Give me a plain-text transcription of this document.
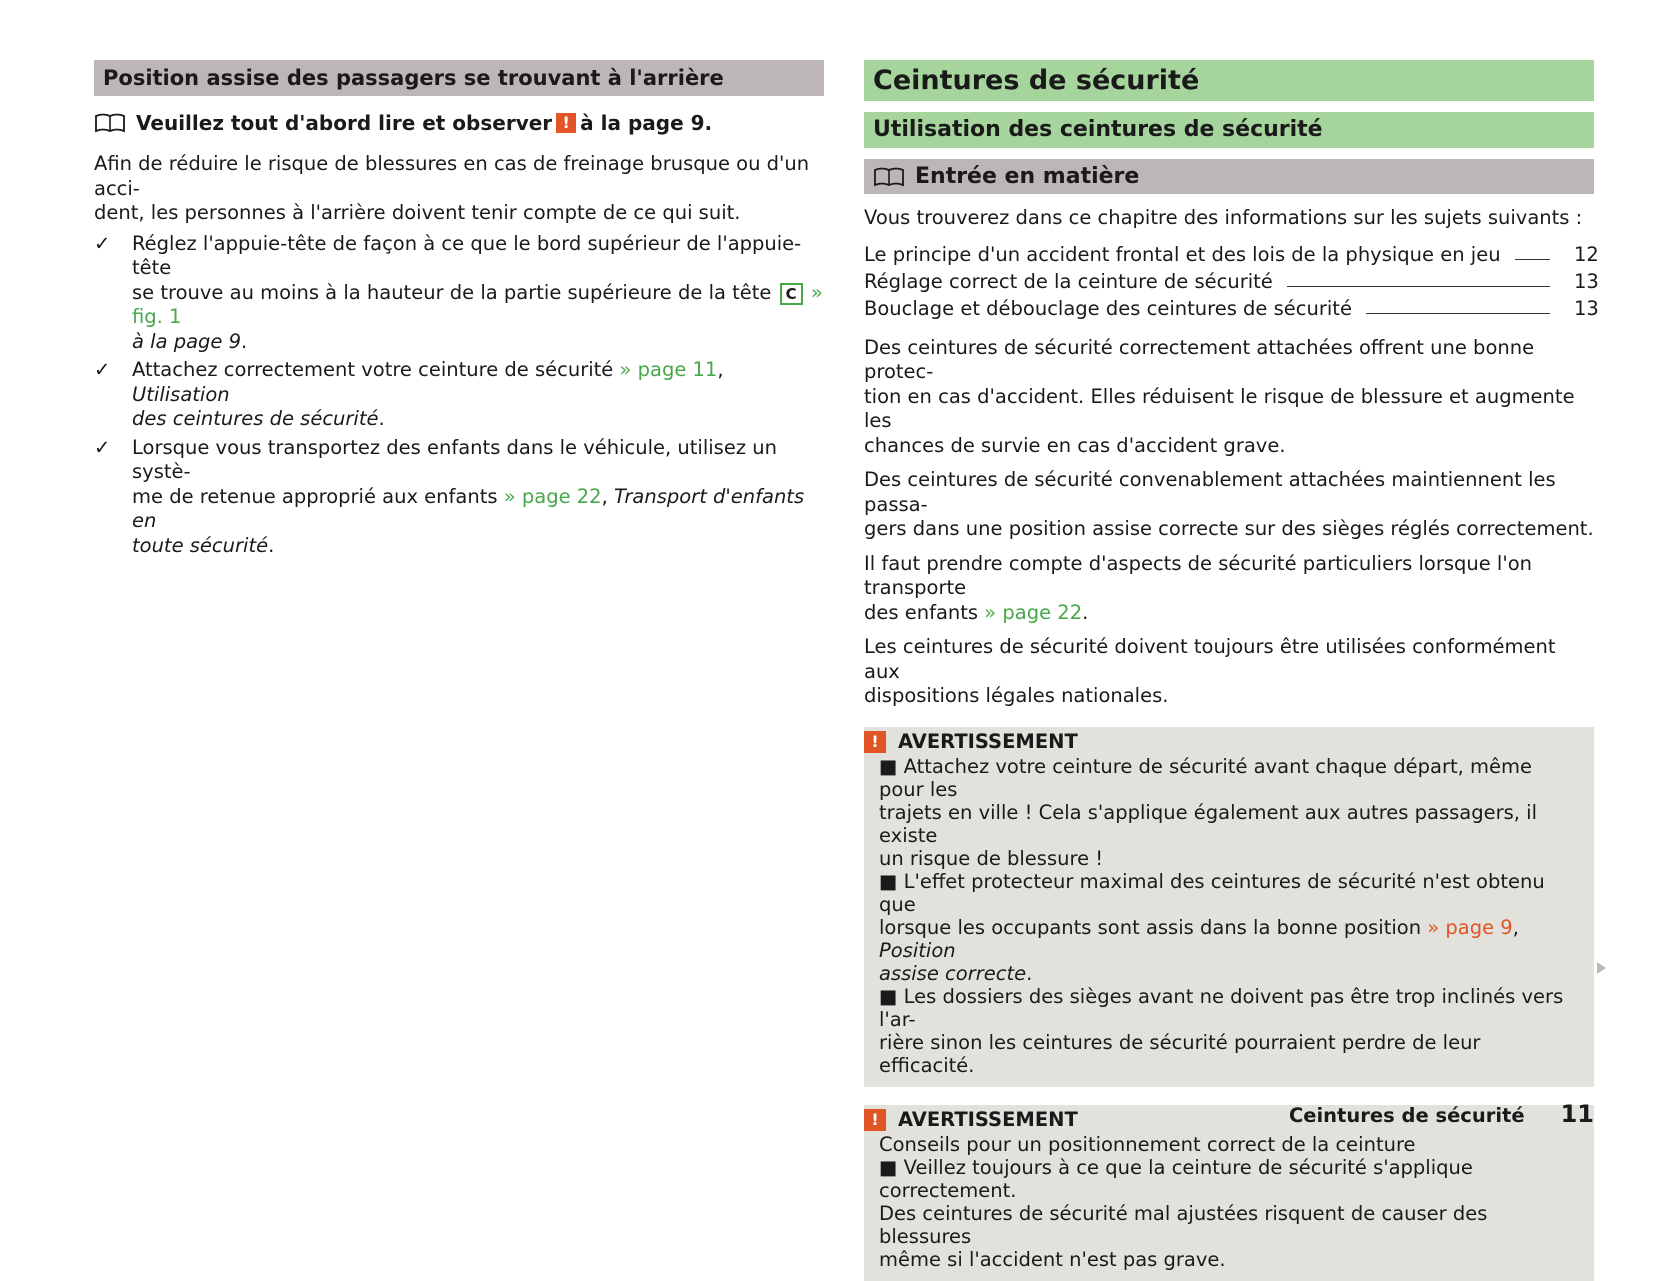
Position assise des passagers se trouvant à l'arrière
Veuillez tout d'abord lire et observer ! à la page 9.

Afin de réduire le risque de blessures en cas de freinage brusque ou d'un acci-

dent, les personnes à l'arrière doivent tenir compte de ce qui suit.

✓ Réglez l'appuie-tête de façon à ce que le bord supérieur de l'appuie-tête
se trouve au moins à la hauteur de la partie supérieure de la tête C » fig. 1
à la page 9.
✓ Attachez correctement votre ceinture de sécurité » page 11, Utilisation
des ceintures de sécurité.
✓ Lorsque vous transportez des enfants dans le véhicule, utilisez un systè-
me de retenue approprié aux enfants » page 22, Transport d'enfants en
toute sécurité.
Ceintures de sécurité
Utilisation des ceintures de sécurité
Entrée en matière

Vous trouverez dans ce chapitre des informations sur les sujets suivants :

Le principe d'un accident frontal et des lois de la physique en jeu	12
Réglage correct de la ceinture de sécurité	13
Bouclage et débouclage des ceintures de sécurité	13

Des ceintures de sécurité correctement attachées offrent une bonne protec-

tion en cas d'accident. Elles réduisent le risque de blessure et augmente les

chances de survie en cas d'accident grave.

Des ceintures de sécurité convenablement attachées maintiennent les passa-

gers dans une position assise correcte sur des sièges réglés correctement.

Il faut prendre compte d'aspects de sécurité particuliers lorsque l'on transporte

des enfants » page 22.

Les ceintures de sécurité doivent toujours être utilisées conformément aux

dispositions légales nationales.

! AVERTISSEMENT

■ Attachez votre ceinture de sécurité avant chaque départ, même pour les

trajets en ville ! Cela s'applique également aux autres passagers, il existe

un risque de blessure !

■ L'effet protecteur maximal des ceintures de sécurité n'est obtenu que

lorsque les occupants sont assis dans la bonne position » page 9, Position

assise correcte.

■ Les dossiers des sièges avant ne doivent pas être trop inclinés vers l'ar-

rière sinon les ceintures de sécurité pourraient perdre de leur efficacité.

! AVERTISSEMENT

Conseils pour un positionnement correct de la ceinture

■ Veillez toujours à ce que la ceinture de sécurité s'applique correctement.

Des ceintures de sécurité mal ajustées risquent de causer des blessures

même si l'accident n'est pas grave.

Ceintures de sécurité 11
